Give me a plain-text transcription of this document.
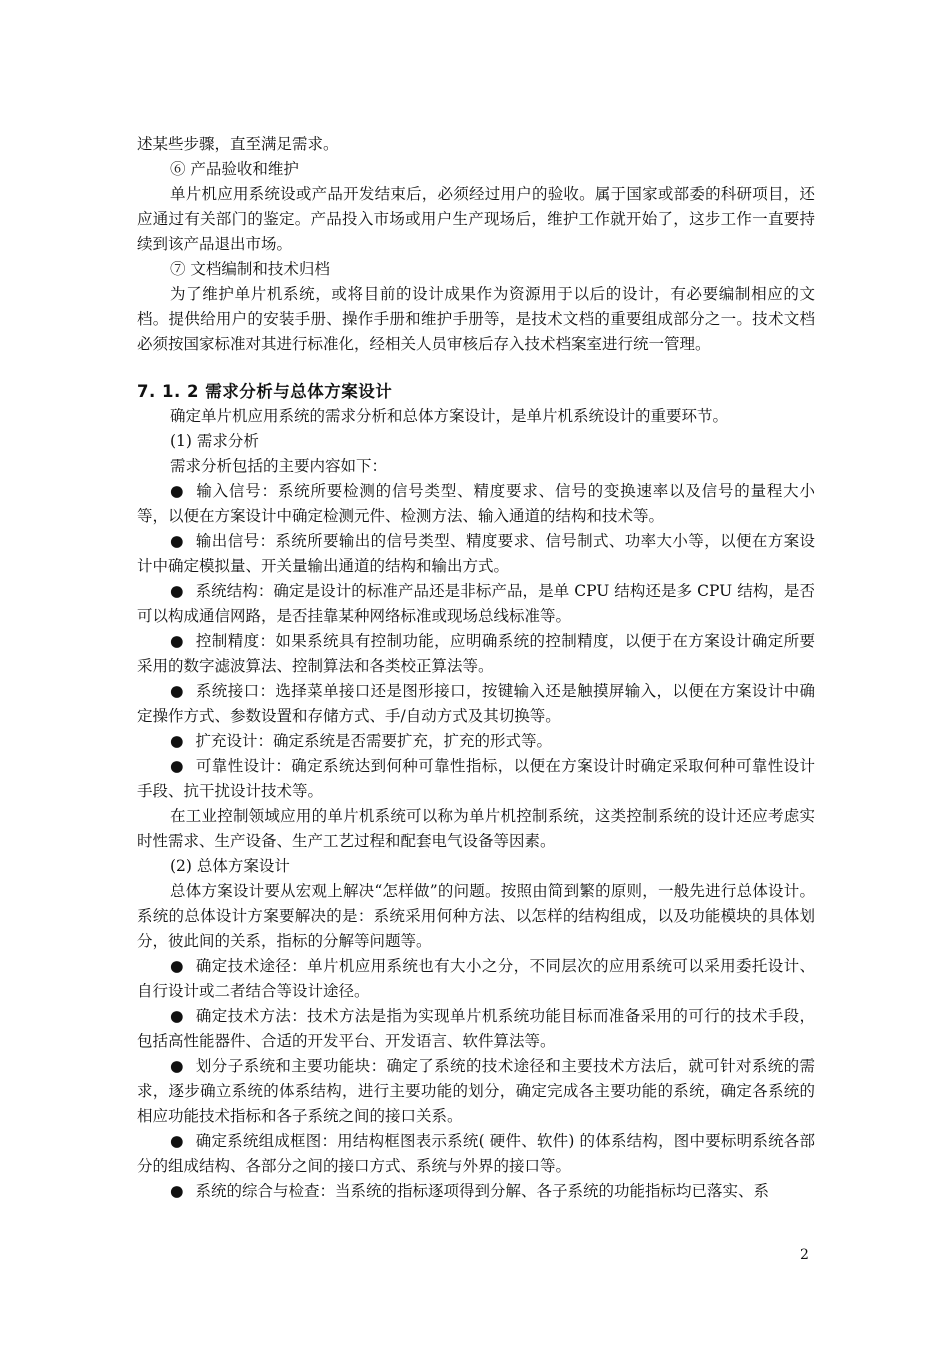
述某些步骤，直至满足需求。

⑥ 产品验收和维护

单片机应用系统设或产品开发结束后，必须经过用户的验收。属于国家或部委的科研项目，还应通过有关部门的鉴定。产品投入市场或用户生产现场后，维护工作就开始了，这步工作一直要持续到该产品退出市场。

⑦ 文档编制和技术归档

为了维护单片机系统，或将目前的设计成果作为资源用于以后的设计，有必要编制相应的文档。提供给用户的安装手册、操作手册和维护手册等，是技术文档的重要组成部分之一。技术文档必须按国家标准对其进行标准化，经相关人员审核后存入技术档案室进行统一管理。

7. 1. 2 需求分析与总体方案设计

确定单片机应用系统的需求分析和总体方案设计，是单片机系统设计的重要环节。

(1) 需求分析

需求分析包括的主要内容如下：

● 输入信号：系统所要检测的信号类型、精度要求、信号的变换速率以及信号的量程大小等，以便在方案设计中确定检测元件、检测方法、输入通道的结构和技术等。

● 输出信号：系统所要输出的信号类型、精度要求、信号制式、功率大小等，以便在方案设计中确定模拟量、开关量输出通道的结构和输出方式。

● 系统结构：确定是设计的标准产品还是非标产品，是单 CPU 结构还是多 CPU 结构，是否可以构成通信网路，是否挂靠某种网络标准或现场总线标准等。

● 控制精度：如果系统具有控制功能，应明确系统的控制精度，以便于在方案设计确定所要采用的数字滤波算法、控制算法和各类校正算法等。

● 系统接口：选择菜单接口还是图形接口，按键输入还是触摸屏输入，以便在方案设计中确定操作方式、参数设置和存储方式、手/自动方式及其切换等。

● 扩充设计：确定系统是否需要扩充，扩充的形式等。

● 可靠性设计：确定系统达到何种可靠性指标，以便在方案设计时确定采取何种可靠性设计手段、抗干扰设计技术等。

在工业控制领域应用的单片机系统可以称为单片机控制系统，这类控制系统的设计还应考虑实时性需求、生产设备、生产工艺过程和配套电气设备等因素。

(2) 总体方案设计

总体方案设计要从宏观上解决“怎样做”的问题。按照由简到繁的原则，一般先进行总体设计。系统的总体设计方案要解决的是：系统采用何种方法、以怎样的结构组成，以及功能模块的具体划分，彼此间的关系，指标的分解等问题等。

● 确定技术途径：单片机应用系统也有大小之分，不同层次的应用系统可以采用委托设计、自行设计或二者结合等设计途径。

● 确定技术方法：技术方法是指为实现单片机系统功能目标而准备采用的可行的技术手段，包括高性能器件、合适的开发平台、开发语言、软件算法等。

● 划分子系统和主要功能块：确定了系统的技术途径和主要技术方法后，就可针对系统的需求，逐步确立系统的体系结构，进行主要功能的划分，确定完成各主要功能的系统，确定各系统的相应功能技术指标和各子系统之间的接口关系。

● 确定系统组成框图：用结构框图表示系统( 硬件、软件) 的体系结构，图中要标明系统各部分的组成结构、各部分之间的接口方式、系统与外界的接口等。

● 系统的综合与检查：当系统的指标逐项得到分解、各子系统的功能指标均已落实、系

2
